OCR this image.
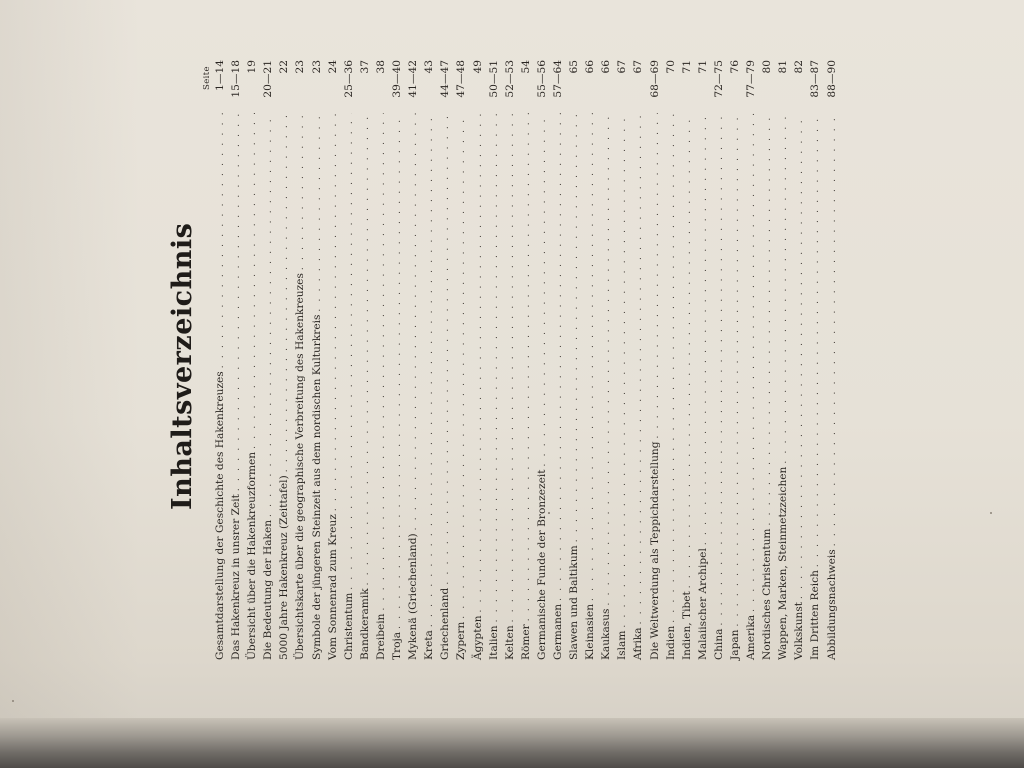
Inhaltsverzeichnis
Seite
Gesamtdarstellung der Geschichte des Hakenkreuzes
. . .
1—14
Das Hakenkreuz in unsrer Zeit
. . .
15—18
Übersicht über die Hakenkreuzformen
. . .
19
Die Bedeutung der Haken
. . .
20—21
5000 Jahre Hakenkreuz (Zeittafel)
. . .
22
Übersichtskarte über die geographische Verbreitung des Hakenkreuzes
. . .
23
Symbole der jüngeren Steinzeit aus dem nordischen Kulturkreis
. . .
23
Vom Sonnenrad zum Kreuz
. . .
24
Christentum
. . .
25—36
Bandkeramik
. . .
37
Dreibein
. . .
38
Troja
. . .
39—40
Mykenä (Griechenland)
. . .
41—42
Kreta
. . .
43
Griechenland
. . .
44—47
Zypern
. . .
47—48
Ägypten
. . .
49
Italien
. . .
50—51
Kelten
. . .
52—53
Römer
. . .
54
Germanische Funde der Bronzezeit
. . .
55—56
Germanen
. . .
57—64
Slawen und Baltikum
. . .
65
Kleinasien
. . .
66
Kaukasus
. . .
66
Islam
. . .
67
Afrika
. . .
67
Die Weltwerdung als Teppichdarstellung
. . .
68—69
Indien
. . .
70
Indien, Tibet
. . .
71
Malaiischer Archipel
. . .
71
China
. . .
72—75
Japan
. . .
76
Amerika
. . .
77—79
Nordisches Christentum
. . .
80
Wappen, Marken, Steinmetzzeichen
. . .
81
Volkskunst
. . .
82
Im Dritten Reich
. . .
83—87
Abbildungsnachweis
. . .
88—90
